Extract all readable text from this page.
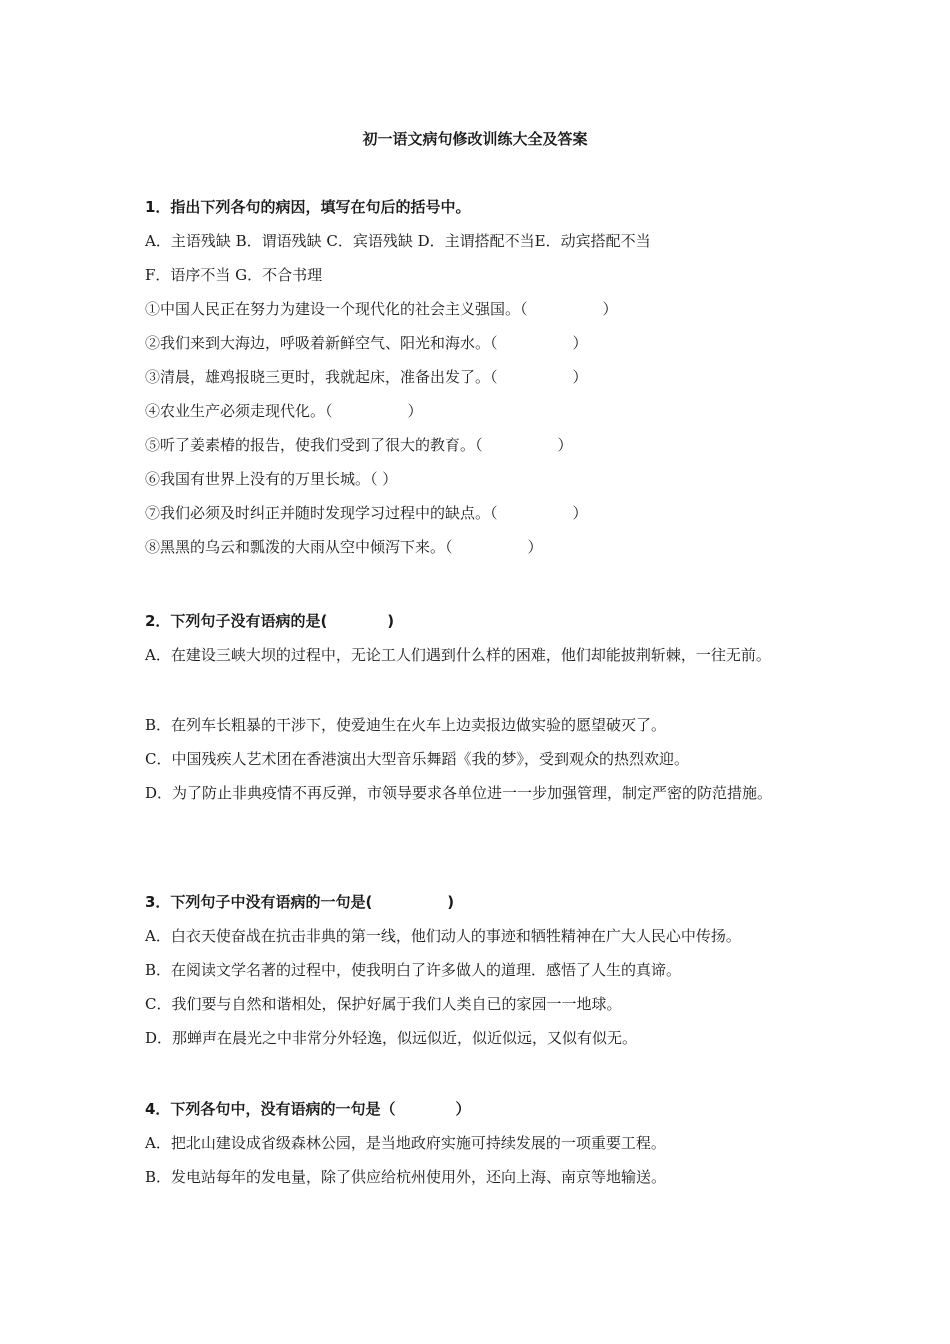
初一语文病句修改训练大全及答案
1．指出下列各句的病因，填写在句后的括号中。
A．主语残缺 B．谓语残缺 C．宾语残缺 D．主谓搭配不当E．动宾搭配不当
F．语序不当 G．不合书理
①中国人民正在努力为建设一个现代化的社会主义强国。（　　　　　）
②我们来到大海边，呼吸着新鲜空气、阳光和海水。（　　　　　）
③清晨，雄鸡报晓三更时，我就起床，准备出发了。（　　　　　）
④农业生产必须走现代化。（　　　　　）
⑤听了姜素椿的报告，使我们受到了很大的教育。（　　　　　）
⑥我国有世界上没有的万里长城。（ ）
⑦我们必须及时纠正并随时发现学习过程中的缺点。（　　　　　）
⑧黑黑的乌云和瓢泼的大雨从空中倾泻下来。（　　　　　）
2．下列句子没有语病的是(　　　　)
A．在建设三峡大坝的过程中，无论工人们遇到什么样的困难，他们却能披荆斩棘，一往无前。
B．在列车长粗暴的干涉下，使爱迪生在火车上边卖报边做实验的愿望破灭了。
C．中国残疾人艺术团在香港演出大型音乐舞蹈《我的梦》，受到观众的热烈欢迎。
D．为了防止非典疫情不再反弹，市领导要求各单位进一一步加强管理，制定严密的防范措施。
3．下列句子中没有语病的一句是(　　　　　)
A．白衣天使奋战在抗击非典的第一线，他们动人的事迹和牺牲精神在广大人民心中传扬。
B．在阅读文学名著的过程中，使我明白了许多做人的道理．感悟了人生的真谛。
C．我们要与自然和谐相处，保护好属于我们人类自已的家园一一地球。
D．那蝉声在晨光之中非常分外轻逸，似远似近，似近似远，又似有似无。
4．下列各句中，没有语病的一句是（　　　　）
A．把北山建设成省级森林公园，是当地政府实施可持续发展的一项重要工程。
B．发电站每年的发电量，除了供应给杭州使用外，还向上海、南京等地输送。
